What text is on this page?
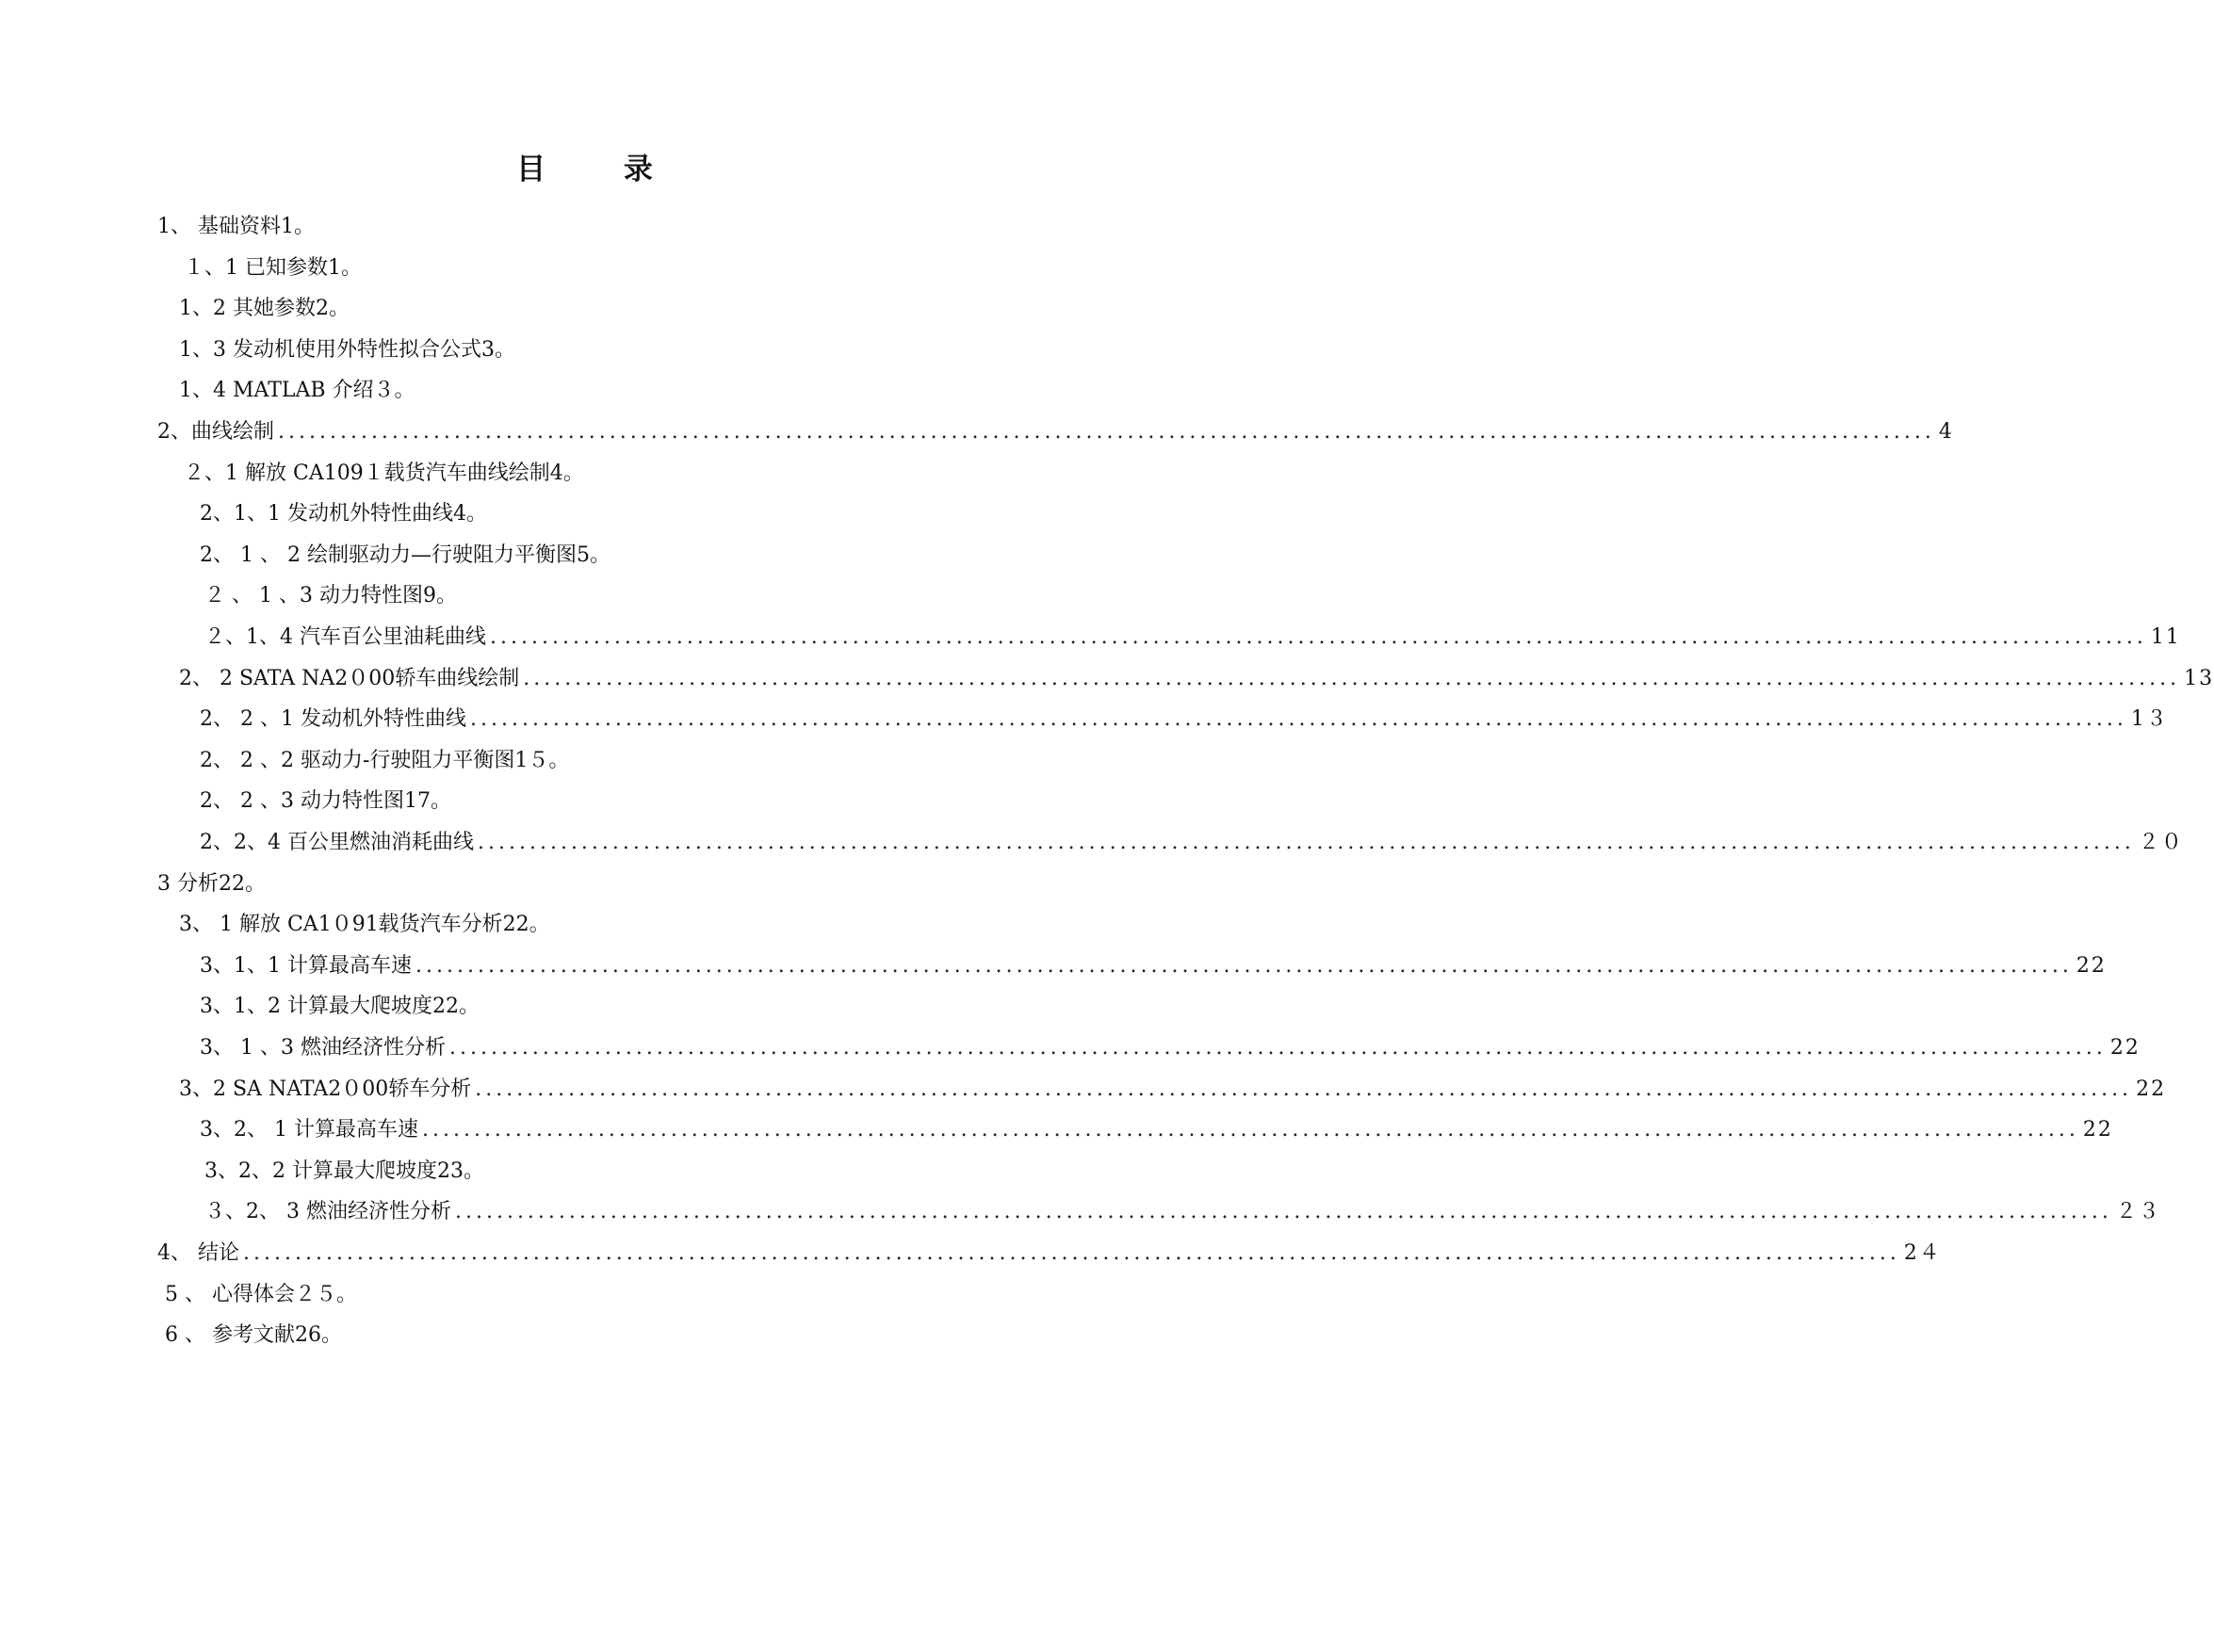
目 录
1、 基础资料1。
１、1 已知参数1。
1、2 其她参数2。
1、3 发动机使用外特性拟合公式3。
1、4 MATLAB 介绍３。
2、曲线绘制 ................................................................................................................................................................ 4
２、1 解放 CA109１载货汽车曲线绘制4。
2、1、1 发动机外特性曲线4。
2、 1 、 2 绘制驱动力—行驶阻力平衡图5。
２ 、 1 、3 动力特性图9。
２、1、4 汽车百公里油耗曲线 ................................................................................................................................................................ 11
2、 2 SATA NA2０00轿车曲线绘制 ................................................................................................................................................................ 13
2、 2 、1 发动机外特性曲线 ................................................................................................................................................................ 1３
2、 2 、2 驱动力-行驶阻力平衡图1５。
2、 2 、3 动力特性图17。
2、2、4 百公里燃油消耗曲线 ................................................................................................................................................................ ２０
3 分析22。
3、 1 解放 CA1０91载货汽车分析22。
3、1、1 计算最高车速 ................................................................................................................................................................ 22
3、1、2 计算最大爬坡度22。
3、 1 、3 燃油经济性分析 ................................................................................................................................................................ 22
3、2 SA NATA2０00轿车分析 ................................................................................................................................................................ 22
3、2、 1 计算最高车速 ................................................................................................................................................................ 22
3、2、2 计算最大爬坡度23。
３、2、 3 燃油经济性分析 ................................................................................................................................................................ ２３
4、 结论 ................................................................................................................................................................ 2４
5 、 心得体会２５。
6 、 参考文献26。
